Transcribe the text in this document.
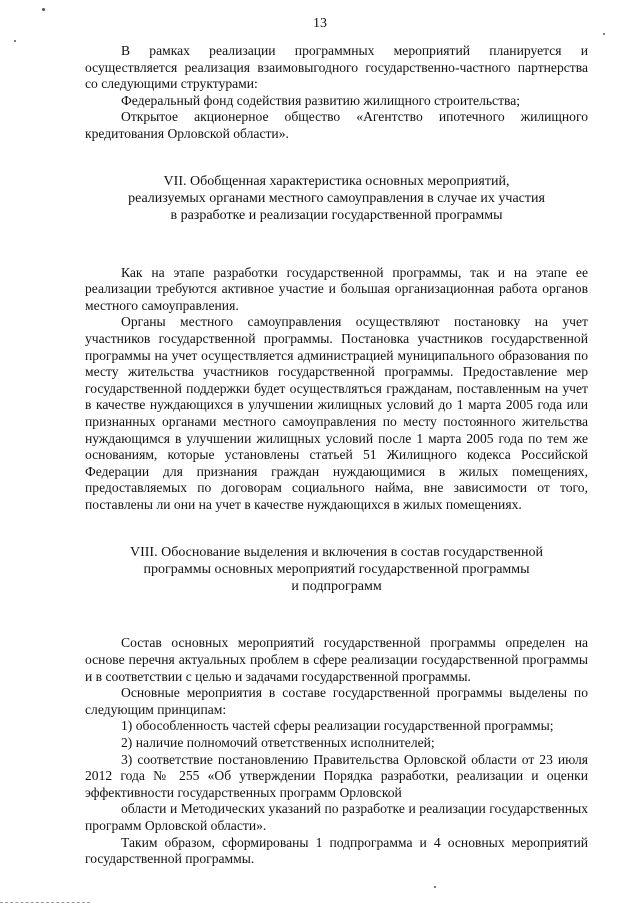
13

В рамках реализации программных мероприятий планируется и осуществляется реализация взаимовыгодного государственно-частного партнерства со следующими структурами:

Федеральный фонд содействия развитию жилищного строительства;

Открытое акционерное общество «Агентство ипотечного жилищного кредитования Орловской области».

VII. Обобщенная характеристика основных мероприятий,
реализуемых органами местного самоуправления в случае их участия
в разработке и реализации государственной программы

Как на этапе разработки государственной программы, так и на этапе ее реализации требуются активное участие и большая организационная работа органов местного самоуправления.

Органы местного самоуправления осуществляют постановку на учет участников государственной программы. Постановка участников государственной программы на учет осуществляется администрацией муниципального образования по месту жительства участников государственной программы. Предоставление мер государственной поддержки будет осуществляться гражданам, поставленным на учет в качестве нуждающихся в улучшении жилищных условий до 1 марта 2005 года или признанных органами местного самоуправления по месту постоянного жительства нуждающимся в улучшении жилищных условий после 1 марта 2005 года по тем же основаниям, которые установлены статьей 51 Жилищного кодекса Российской Федерации для признания граждан нуждающимися в жилых помещениях, предоставляемых по договорам социального найма, вне зависимости от того, поставлены ли они на учет в качестве нуждающихся в жилых помещениях.

VIII. Обоснование выделения и включения в состав государственной
программы основных мероприятий государственной программы
и подпрограмм

Состав основных мероприятий государственной программы определен на основе перечня актуальных проблем в сфере реализации государственной программы и в соответствии с целью и задачами государственной программы.

Основные мероприятия в составе государственной программы выделены по следующим принципам:

1) обособленность частей сферы реализации государственной программы;

2) наличие полномочий ответственных исполнителей;

3) соответствие постановлению Правительства Орловской области от 23 июля 2012 года № 255 «Об утверждении Порядка разработки, реализации и оценки эффективности государственных программ Орловской

области и Методических указаний по разработке и реализации государственных программ Орловской области».

Таким образом, сформированы 1 подпрограмма и 4 основных мероприятий государственной программы.
